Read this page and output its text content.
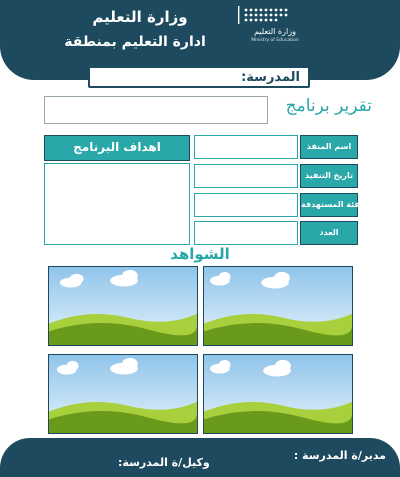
وزارة التعليم
ادارة التعليم بمنطقة
وزارة التعليم
Ministry of Education
المدرسة:
تقرير برنامج
اهداف البرنامج	اسم المنفذ
تاريخ التنفيذ
الفئة المستهدفة
العدد
الشواهد
مدير/ة المدرسة :
وكيل/ة المدرسة:
